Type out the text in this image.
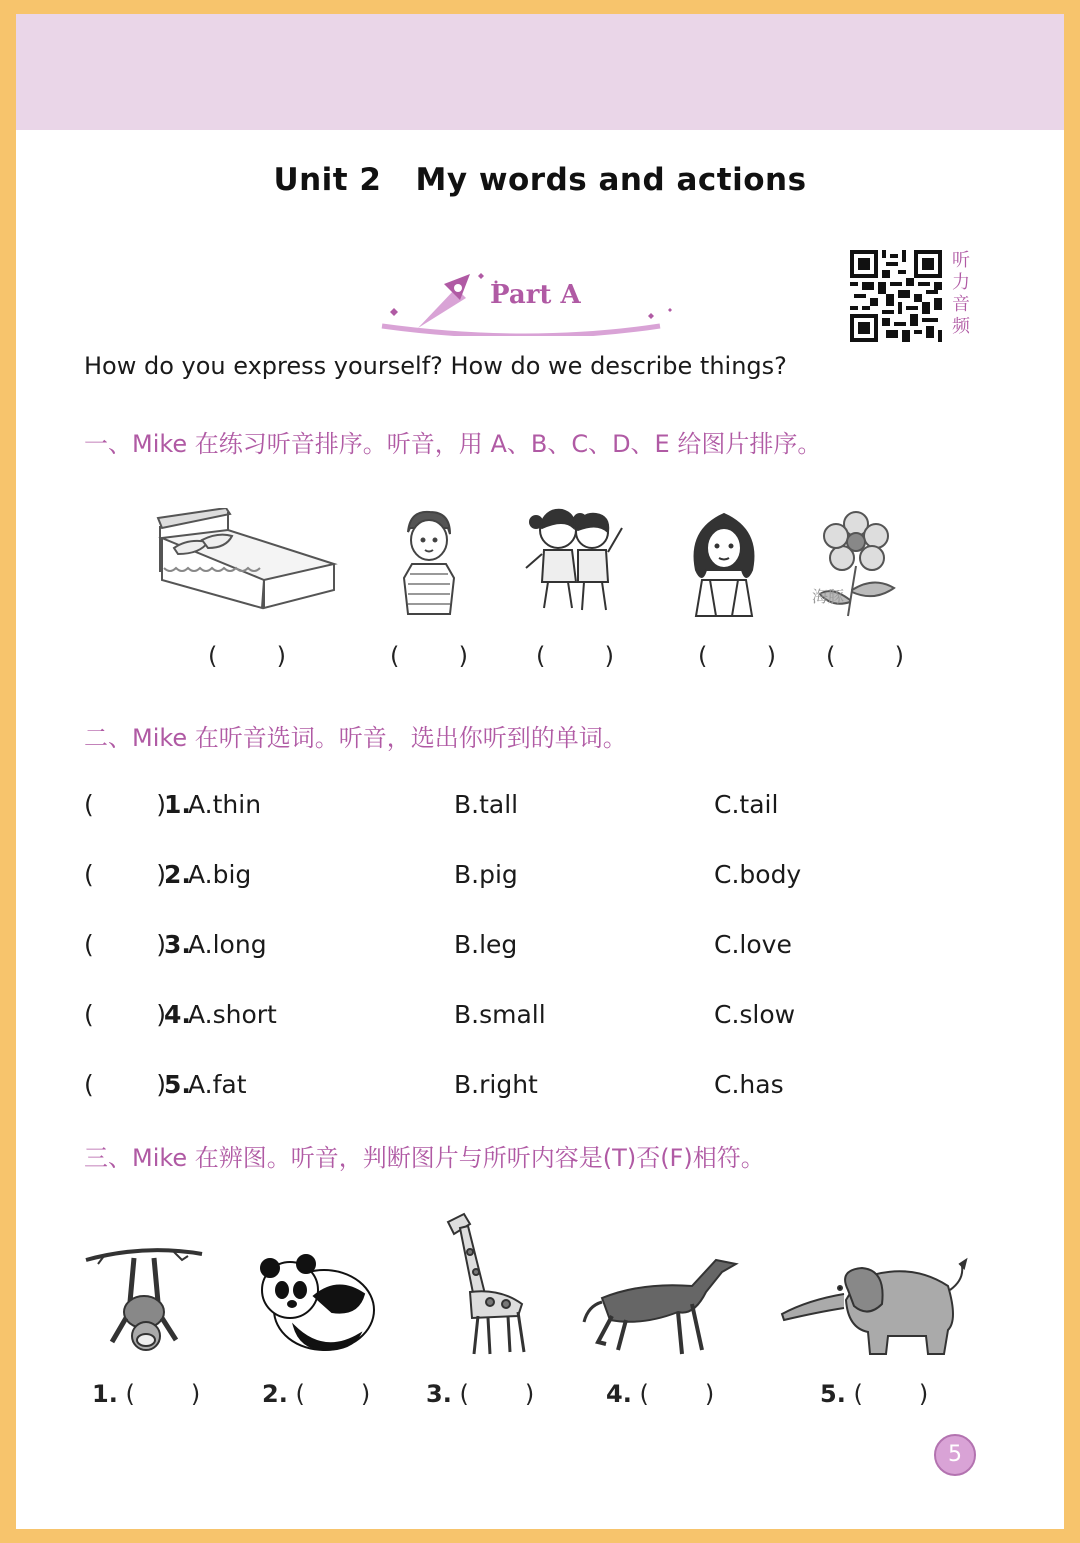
Unit 2 My words and actions
Part A
听
力
音
频
How do you express yourself? How do we describe things?
一、Mike 在练习听音排序。听音，用 A、B、C、D、E 给图片排序。
海豚
( )	( )	( )	( ) ( )
二、Mike 在听音选词。听音，选出你听到的单词。
( )
1.
A.thin	B.tall	C.tail
( )
2.
A.big	B.pig	C.body
( )
3.
A.long	B.leg	C.love
( )
4.
A.short	B.small	C.slow
( )
5.
A.fat	B.right	C.has
三、Mike 在辨图。听音，判断图片与所听内容是(T)否(F)相符。
1. ( )	2. ( ) 3. ( )	4. ( )	5. ( )
5
